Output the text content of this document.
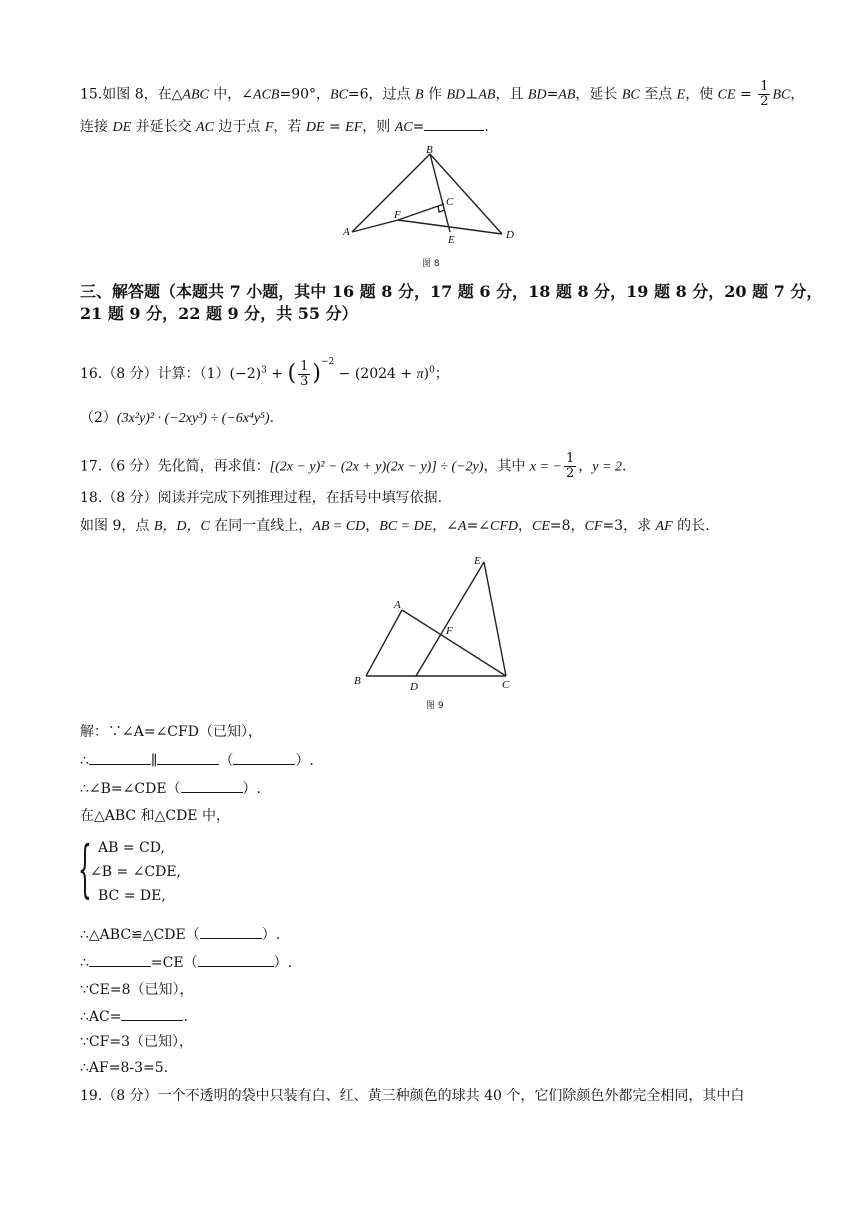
15.如图 8，在△ABC 中，∠ACB=90°，BC=6，过点 B 作 BD⊥AB，且 BD=AB，延长 BC 至点 E，使 CE = $\frac{1}{2}$ BC，
连接 DE 并延长交 AC 边于点 F，若 DE = EF，则 AC=	.
B
C
F
A
E	D
图 8
三、解答题（本题共 7 小题，其中 16 题 8 分，17 题 6 分，18 题 8 分，19 题 8 分，20 题 7 分，
21 题 9 分，22 题 9 分，共 55 分）
16.（8 分）计算：$(1)(-2)^3$ + ( $\frac{1}{3} )^{-2} - (2024 + \pi)^0$；
（2）(3x²y)² · (−2xy³) ÷ (−6x⁴y⁵).
17.（6 分）先化简，再求值：[(2x − y)² − (2x + y)(2x − y)] ÷ (−2y)，其中 x = − $\frac{1}{2}$ ，y = 2.
18.（8 分）阅读并完成下列推理过程，在括号中填写依据.
如图 9，点 B，D，C 在同一直线上，AB = CD，BC = DE，∠A=∠CFD，CE=8，CF=3，求 AF 的长.
E
A
F
B	D	C
图 9
解：∵∠A=∠CFD（已知），
∴	∥	（	）.
∴∠B=∠CDE（	）.
在△ABC 和△CDE 中，
{ AB = CD,
∠B = ∠CDE,
BC = DE,
∴△ABC≌△CDE（	）.
∴	=CE（	）.
∵CE=8（已知），
∴AC=	.
∵CF=3（已知），
∴AF=8-3=5.
19.（8 分）一个不透明的袋中只装有白、红、黄三种颜色的球共 40 个，它们除颜色外都完全相同，其中白
